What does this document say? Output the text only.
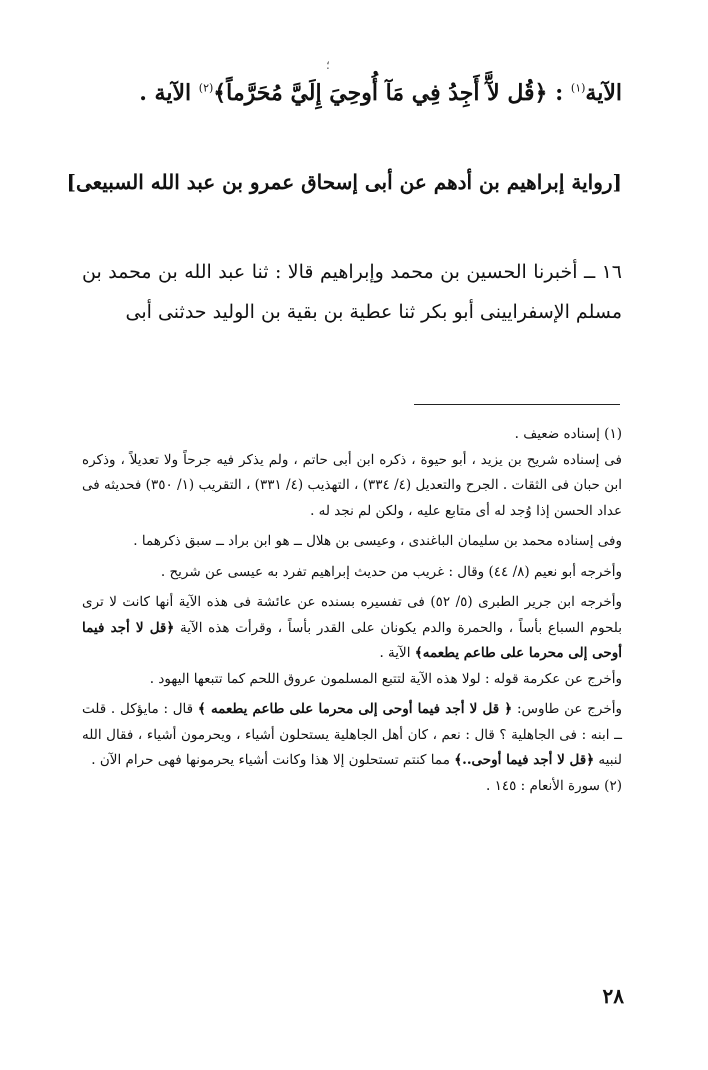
؛
الآية$^{(١)}$ : ﴿قُل لآَّ أَجِدُ فِي مَآ أُوحِيَ إِلَيَّ مُحَرَّماً﴾$^{(٢)}$ الآية .
[رواية إبراهيم بن أدهم عن أبى إسحاق عمرو بن عبد الله السبيعى]
١٦ ــ أخبرنا الحسين بن محمد وإبراهيم قالا : ثنا عبد الله بن محمد بن مسلم الإسفرايينى أبو بكر ثنا عطية بن بقية بن الوليد حدثنى أبى

(١) إسناده ضعيف .

فى إسناده شريح بن يزيد ، أبو حيوة ، ذكره ابن أبى حاتم ، ولم يذكر فيه جرحاً ولا تعديلاً ، وذكره ابن حبان فى الثقات . الجرح والتعديل (٤/ ٣٣٤) ، التهذيب (٤/ ٣٣١) ، التقريب (١/ ٣٥٠) فحديثه فى عداد الحسن إذا وُجد له أى متابع عليه ، ولكن لم نجد له .

وفى إسناده محمد بن سليمان الباغندى ، وعيسى بن هلال ــ هو ابن براد ــ سبق ذكرهما .

وأخرجه أبو نعيم (٨/ ٤٤) وقال : غريب من حديث إبراهيم تفرد به عيسى عن شريح .

وأخرجه ابن جرير الطبرى (٥/ ٥٢) فى تفسيره بسنده عن عائشة فى هذه الآية أنها كانت لا ترى بلحوم السباع بأساً ، والحمرة والدم يكونان على القدر بأساً ، وقرأت هذه الآية ﴿قل لا أجد فيما أوحى إلى محرما على طاعم يطعمه﴾ الآية .

وأخرج عن عكرمة قوله : لولا هذه الآية لتتبع المسلمون عروق اللحم كما تتبعها اليهود .

وأخرج عن طاوس: ﴿ قل لا أجد فيما أوحى إلى محرما على طاعم يطعمه ﴾ قال : مايؤكل . قلت ــ ابنه : فى الجاهلية ؟ قال : نعم ، كان أهل الجاهلية يستحلون أشياء ، ويحرمون أشياء ، فقال الله لنبيه ﴿قل لا أجد فيما أوحى..﴾ مما كنتم تستحلون إلا هذا وكانت أشياء يحرمونها فهى حرام الآن .

(٢) سورة الأنعام : ١٤٥ .

٢٨
